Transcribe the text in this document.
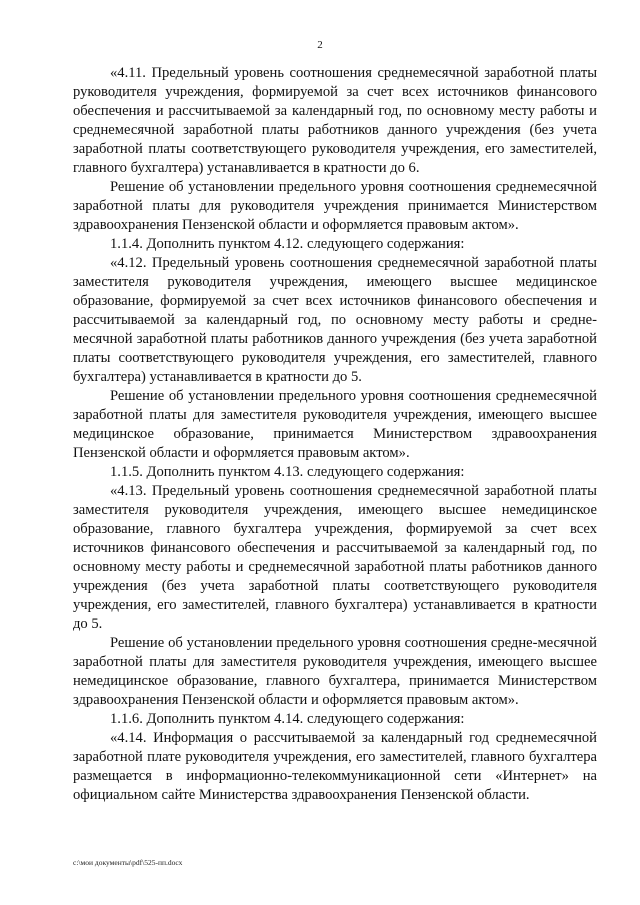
2

«4.11. Предельный уровень соотношения среднемесячной заработной платы руководителя учреждения, формируемой за счет всех источников финансового обеспечения и рассчитываемой за календарный год, по основному месту работы и среднемесячной заработной платы работников данного учреждения (без учета заработной платы соответствующего руководителя учреждения, его заместителей, главного бухгалтера) устанавливается в кратности до 6.

Решение об установлении предельного уровня соотношения среднемесячной заработной платы для руководителя учреждения принимается Министерством здравоохранения Пензенской области и оформляется правовым актом».

1.1.4. Дополнить пунктом 4.12. следующего содержания:

«4.12. Предельный уровень соотношения среднемесячной заработной платы заместителя руководителя учреждения, имеющего высшее медицинское образование, формируемой за счет всех источников финансового обеспечения и рассчитываемой за календарный год, по основному месту работы и средне-месячной заработной платы работников данного учреждения (без учета заработной платы соответствующего руководителя учреждения, его заместителей, главного бухгалтера) устанавливается в кратности до 5.

Решение об установлении предельного уровня соотношения среднемесячной заработной платы для заместителя руководителя учреждения, имеющего высшее медицинское образование, принимается Министерством здравоохранения Пензенской области и оформляется правовым актом».

1.1.5. Дополнить пунктом 4.13. следующего содержания:

«4.13. Предельный уровень соотношения среднемесячной заработной платы заместителя руководителя учреждения, имеющего высшее немедицинское образование, главного бухгалтера учреждения, формируемой за счет всех источников финансового обеспечения и рассчитываемой за календарный год, по основному месту работы и среднемесячной заработной платы работников данного учреждения (без учета заработной платы соответствующего руководителя учреждения, его заместителей, главного бухгалтера) устанавливается в кратности до 5.

Решение об установлении предельного уровня соотношения средне-месячной заработной платы для заместителя руководителя учреждения, имеющего высшее немедицинское образование, главного бухгалтера, принимается Министерством здравоохранения Пензенской области и оформляется правовым актом».

1.1.6. Дополнить пунктом 4.14. следующего содержания:

«4.14. Информация о рассчитываемой за календарный год среднемесячной заработной плате руководителя учреждения, его заместителей, главного бухгалтера размещается в информационно-телекоммуникационной сети «Интернет» на официальном сайте Министерства здравоохранения Пензенской области.

c:\мои документы\pdf\525-пп.docx
